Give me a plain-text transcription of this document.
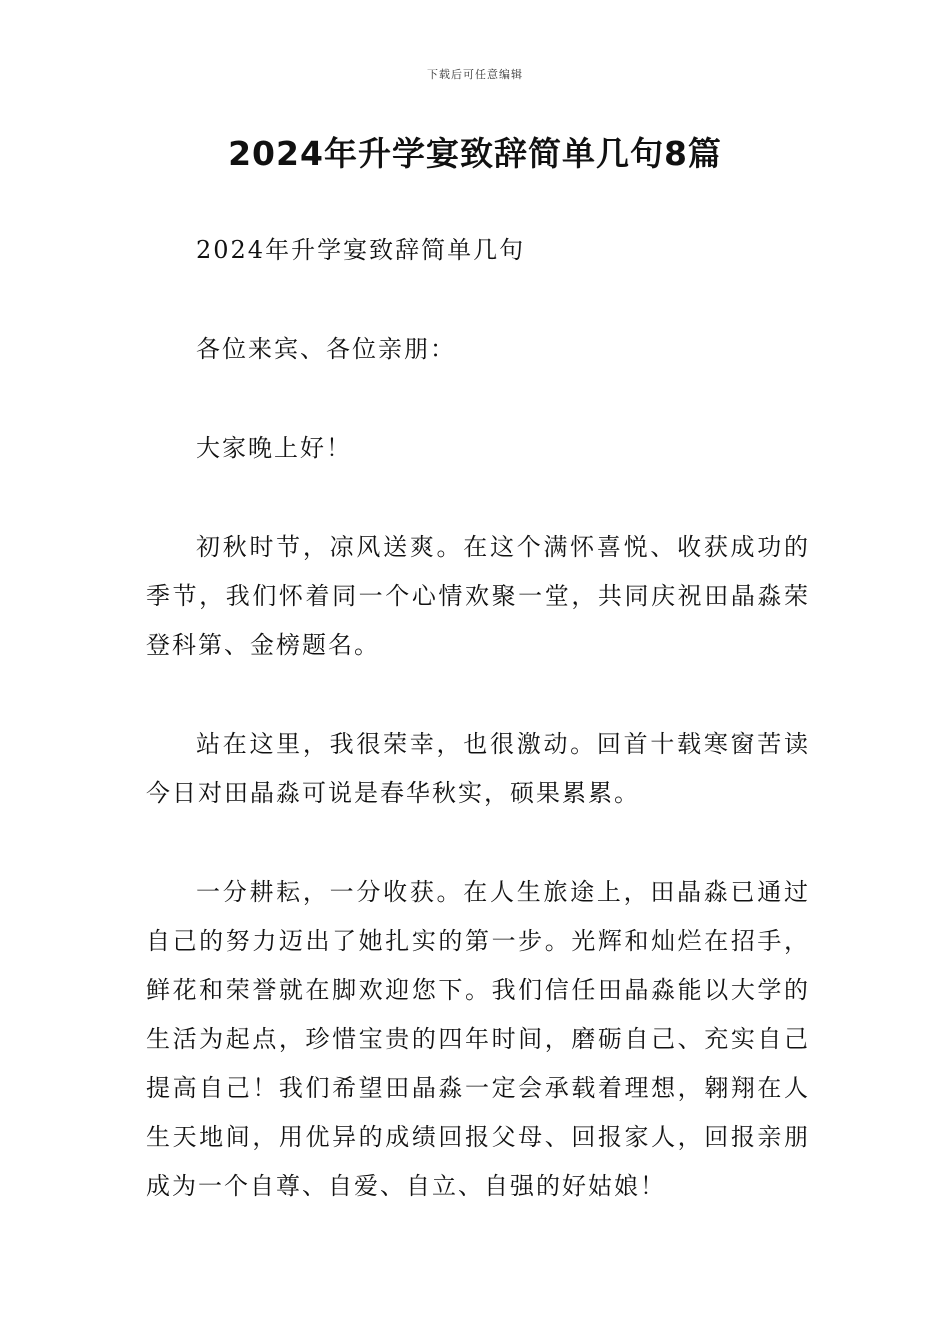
下载后可任意编辑
2024年升学宴致辞简单几句8篇

2024年升学宴致辞简单几句

各位来宾、各位亲朋：

大家晚上好！

初秋时节，凉风送爽。在这个满怀喜悦、收获成功的季节，我们怀着同一个心情欢聚一堂，共同庆祝田晶淼荣登科第、金榜题名。

站在这里，我很荣幸，也很激动。回首十载寒窗苦读今日对田晶淼可说是春华秋实，硕果累累。

一分耕耘，一分收获。在人生旅途上，田晶淼已通过自己的努力迈出了她扎实的第一步。光辉和灿烂在招手，鲜花和荣誉就在脚欢迎您下。我们信任田晶淼能以大学的生活为起点，珍惜宝贵的四年时间，磨砺自己、充实自己提高自己！我们希望田晶淼一定会承载着理想，翱翔在人生天地间，用优异的成绩回报父母、回报家人，回报亲朋成为一个自尊、自爱、自立、自强的好姑娘！
